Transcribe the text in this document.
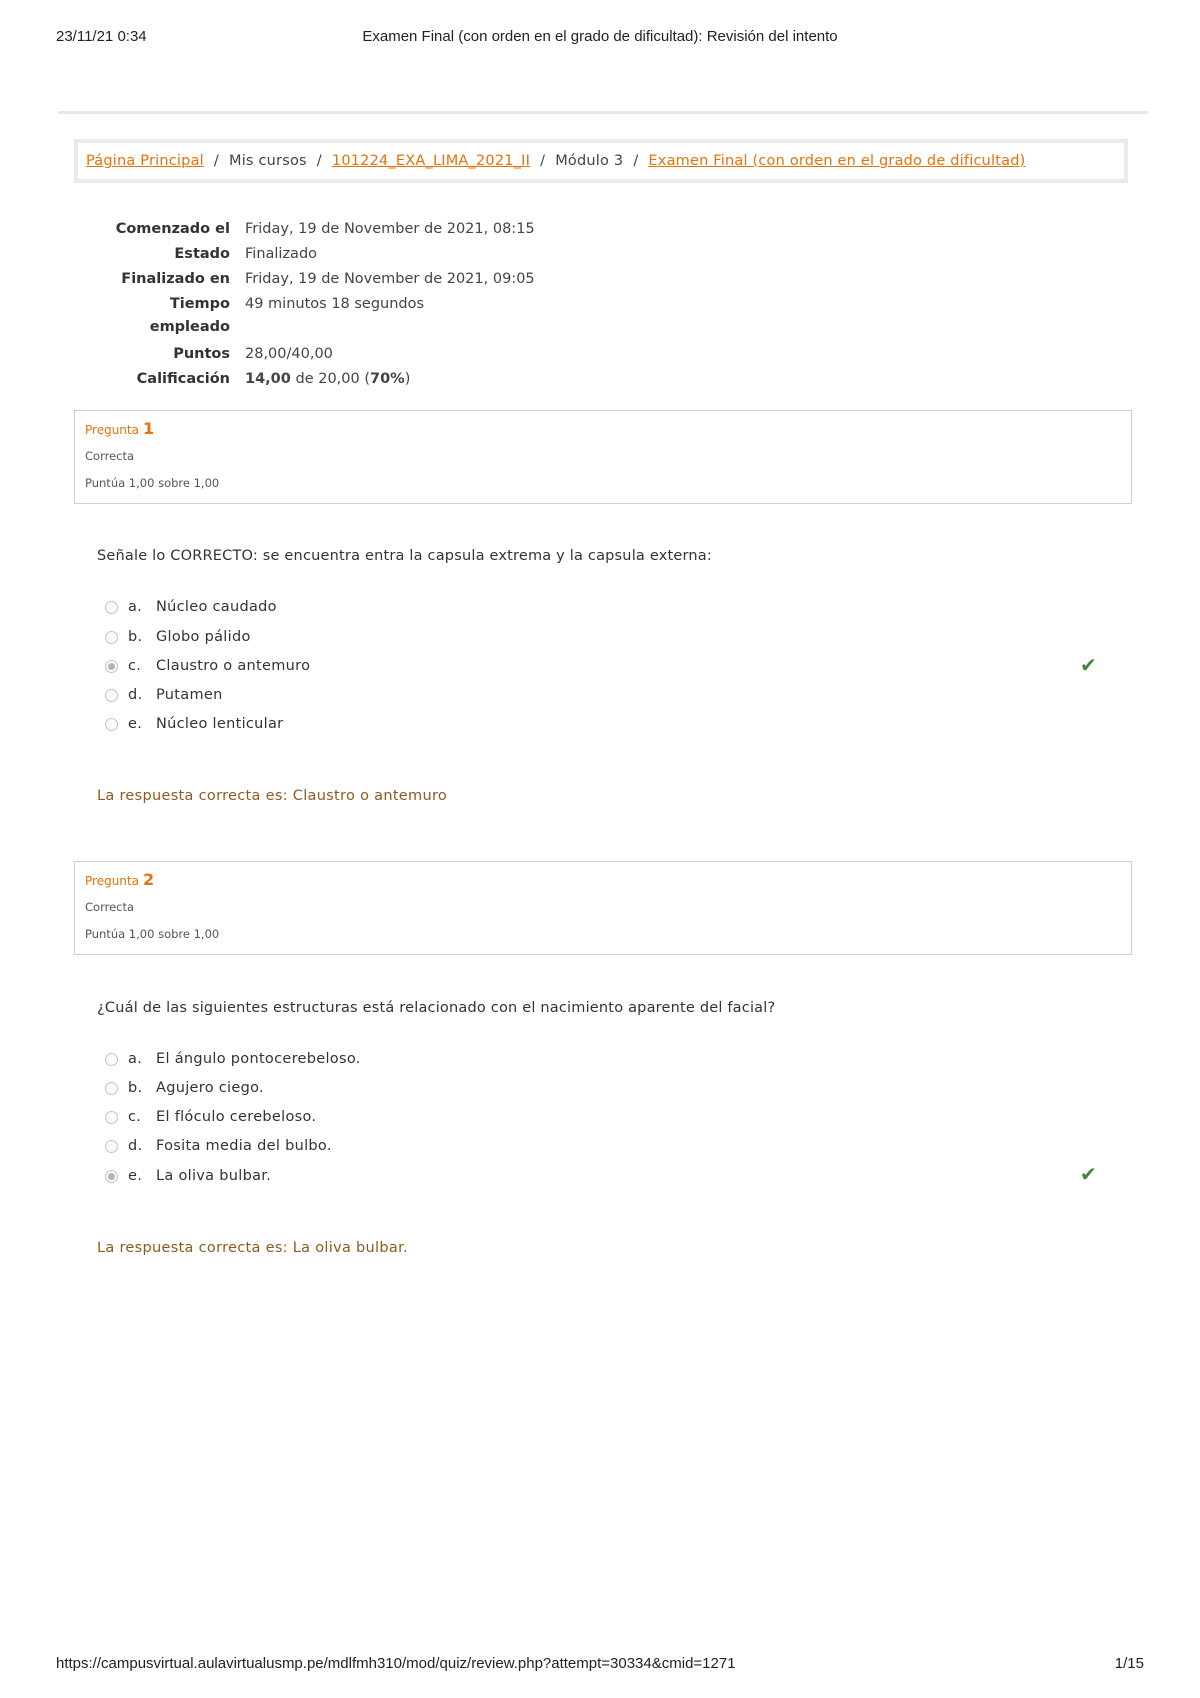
23/11/21 0:34	Examen Final (con orden en el grado de dificultad): Revisión del intento
Página Principal / Mis cursos / 101224_EXA_LIMA_2021_II / Módulo 3 / Examen Final (con orden en el grado de dificultad)
Comenzado el Friday, 19 de November de 2021, 08:15
Estado Finalizado
Finalizado en Friday, 19 de November de 2021, 09:05
Tiempo
empleado
49 minutos 18 segundos
Puntos 28,00/40,00
Calificación 14,00 de 20,00 (70%)
Pregunta 1
Correcta
Puntúa 1,00 sobre 1,00
Señale lo CORRECTO: se encuentra entra la capsula extrema y la capsula externa:
a. Núcleo caudado
b. Globo pálido
c.	Claustro o antemuro
d. Putamen
e. Núcleo lenticular
✔
La respuesta correcta es: Claustro o antemuro
Pregunta 2
Correcta
Puntúa 1,00 sobre 1,00
¿Cuál de las siguientes estructuras está relacionado con el nacimiento aparente del facial?
a. El ángulo pontocerebeloso.
b. Agujero ciego.
c.	El flóculo cerebeloso.
d. Fosita media del bulbo.
e. La oliva bulbar.	✔
La respuesta correcta es: La oliva bulbar.
https://campusvirtual.aulavirtualusmp.pe/mdlfmh310/mod/quiz/review.php?attempt=30334&cmid=1271	1/15
